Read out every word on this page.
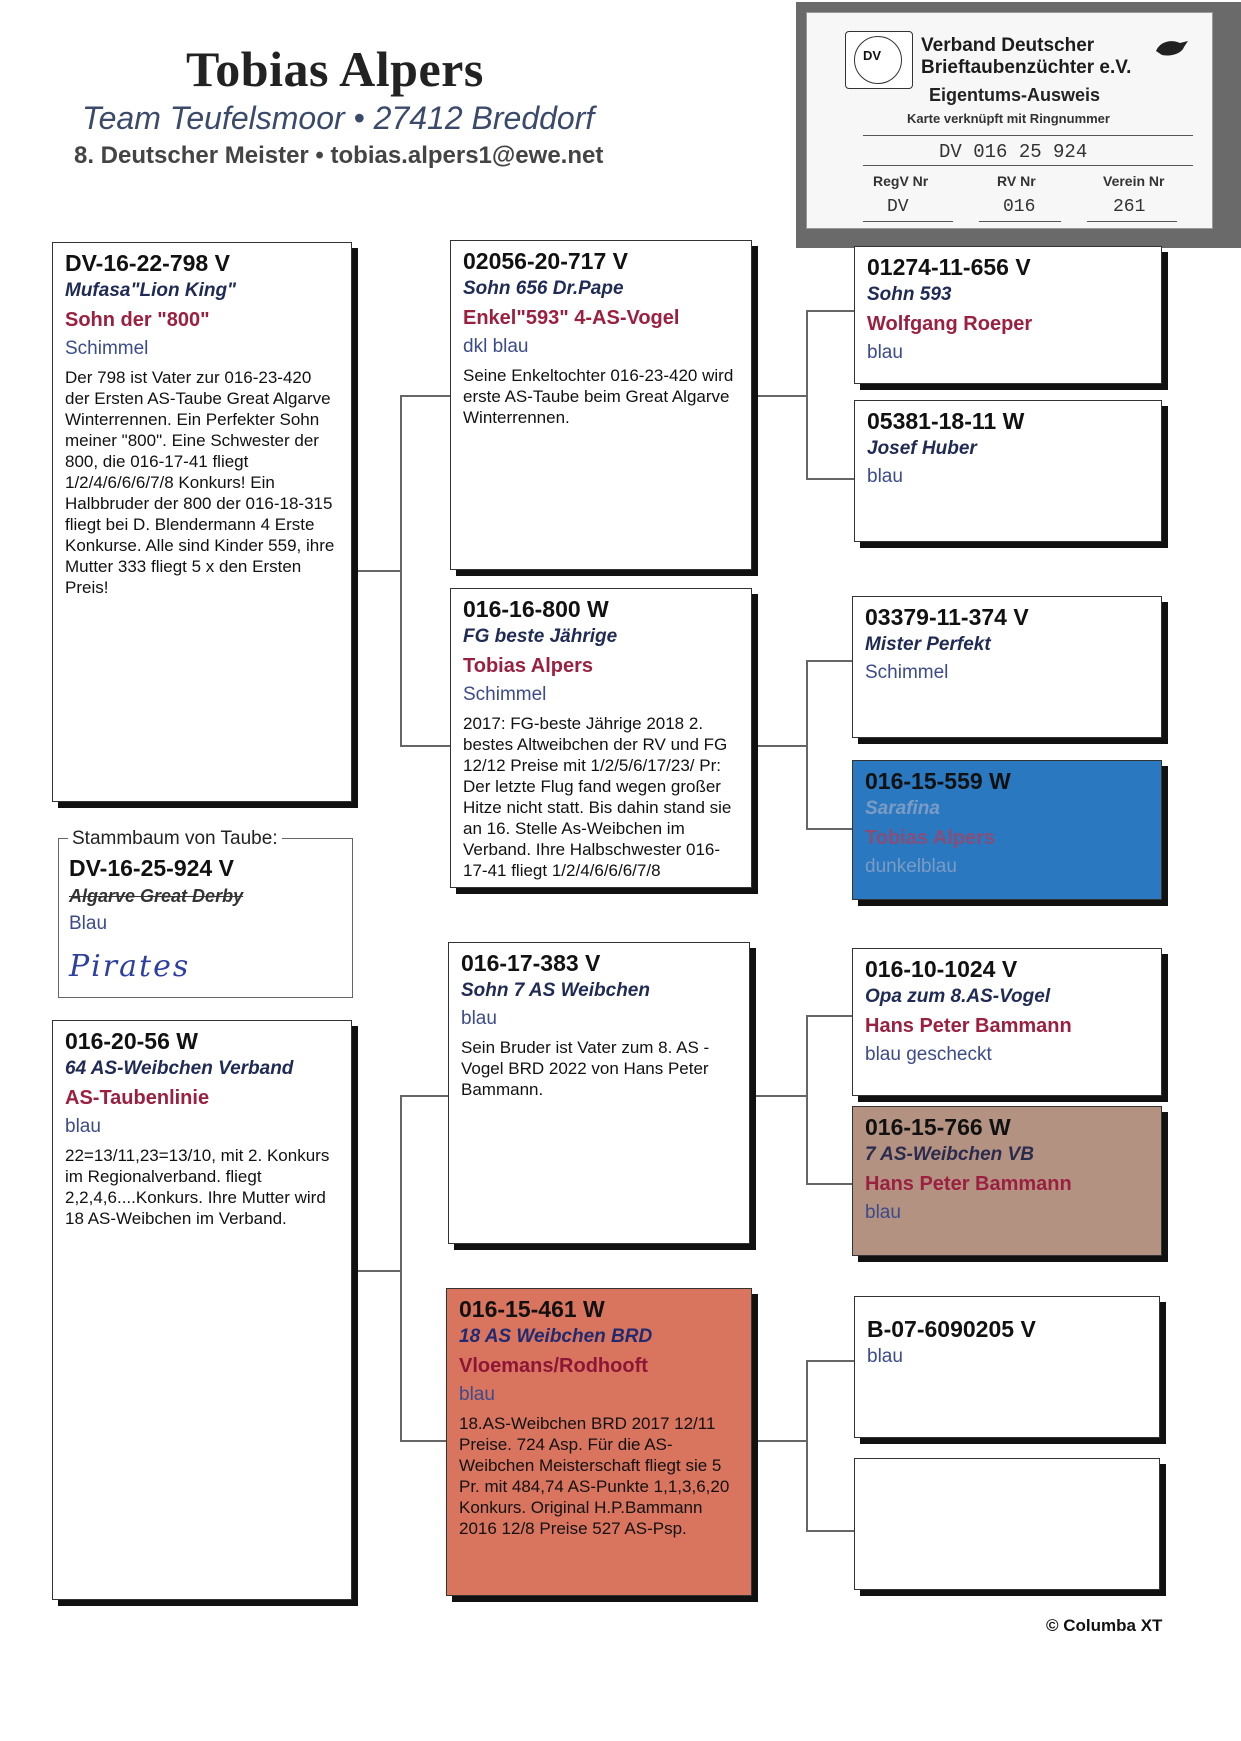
Tobias Alpers
Team Teufelsmoor • 27412 Breddorf
8. Deutscher Meister • tobias.alpers1@ewe.net
DV Verband Deutscher
Brieftaubenzüchter e.V.
Eigentums-Ausweis
Karte verknüpft mit Ringnummer
DV 016 25 924
RegV Nr	RV Nr	Verein Nr
DV	016	261
DV-16-22-798 V
Mufasa"Lion King"
Sohn der "800"
Schimmel
Der 798 ist Vater zur 016-23-420 der Ersten AS-Taube Great Algarve Winterrennen. Ein Perfekter Sohn meiner "800". Eine Schwester der 800, die 016-17-41 fliegt 1/2/4/6/6/6/7/8 Konkurs! Ein Halbbruder der 800 der 016-18-315 fliegt bei D. Blendermann 4 Erste Konkurse. Alle sind Kinder 559, ihre Mutter 333 fliegt 5 x den Ersten Preis!
DV-16-25-924 V
Algarve Great Derby
Blau
Pirates
Stammbaum von Taube:
016-20-56 W
64 AS-Weibchen Verband
AS-Taubenlinie
blau
22=13/11,23=13/10, mit 2. Konkurs im Regionalverband. fliegt 2,2,4,6....Konkurs. Ihre Mutter wird 18 AS-Weibchen im Verband.
02056-20-717 V
Sohn 656 Dr.Pape
Enkel"593" 4-AS-Vogel
dkl blau
Seine Enkeltochter 016-23-420 wird erste AS-Taube beim Great Algarve Winterrennen.
016-16-800 W
FG beste Jährige
Tobias Alpers
Schimmel
2017: FG-beste Jährige 2018 2. bestes Altweibchen der RV und FG 12/12 Preise mit 1/2/5/6/17/23/ Pr: Der letzte Flug fand wegen großer Hitze nicht statt. Bis dahin stand sie an 16. Stelle As-Weibchen im Verband. Ihre Halbschwester 016-17-41 fliegt 1/2/4/6/6/6/7/8
016-17-383 V
Sohn 7 AS Weibchen
blau
Sein Bruder ist Vater zum 8. AS -Vogel BRD 2022 von Hans Peter Bammann.
016-15-461 W
18 AS Weibchen BRD
Vloemans/Rodhooft
blau
18.AS-Weibchen BRD 2017 12/11 Preise. 724 Asp. Für die AS-Weibchen Meisterschaft fliegt sie 5 Pr. mit 484,74 AS-Punkte 1,1,3,6,20 Konkurs. Original H.P.Bammann 2016 12/8 Preise 527 AS-Psp.
01274-11-656 V
Sohn 593
Wolfgang Roeper
blau
05381-18-11 W
Josef Huber
blau
03379-11-374 V
Mister Perfekt
Schimmel
016-15-559 W
Sarafina
Tobias Alpers
dunkelblau
016-10-1024 V
Opa zum 8.AS-Vogel
Hans Peter Bammann
blau gescheckt
016-15-766 W
7 AS-Weibchen VB
Hans Peter Bammann
blau
B-07-6090205 V
blau
© Columba XT
